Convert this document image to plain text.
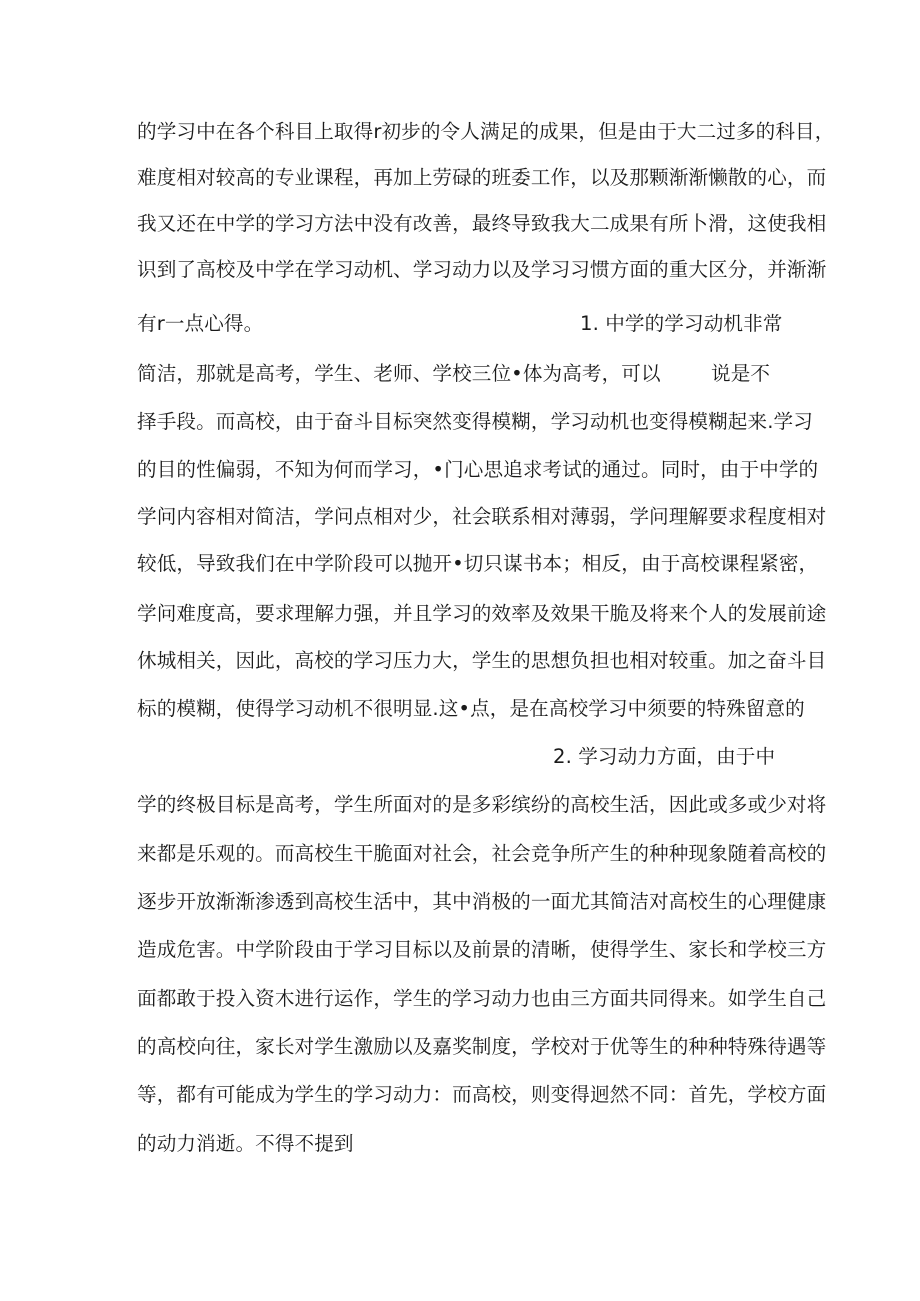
的学习中在各个科目上取得r初步的令人满足的成果，但是由于大二过多的科目，
难度相对较高的专业课程，再加上劳碌的班委工作，以及那颗渐渐懒散的心，而
我又还在中学的学习方法中没有改善，最终导致我大二成果有所卜滑，这使我相
识到了高校及中学在学习动机、学习动力以及学习习惯方面的重大区分，并渐渐
有r一点心得。	1. 中学的学习动机非常
简洁，那就是高考，学生、老师、学校三位•体为高考，可以	说是不
择手段。而高校，由于奋斗目标突然变得模糊，学习动机也变得模糊起来.学习
的目的性偏弱，不知为何而学习，•门心思追求考试的通过。同时，由于中学的
学问内容相对简洁，学问点相对少，社会联系相对薄弱，学问理解要求程度相对
较低，导致我们在中学阶段可以抛开•切只谋书本；相反，由于高校课程紧密，
学问难度高，要求理解力强，并且学习的效率及效果干脆及将来个人的发展前途
休城相关，因此，高校的学习压力大，学生的思想负担也相对较重。加之奋斗目
标的模糊，使得学习动机不很明显.这•点，是在高校学习中须要的特殊留意的
2. 学习动力方面，由于中
学的终极目标是高考，学生所面对的是多彩缤纷的高校生活，因此或多或少对将
来都是乐观的。而高校生干脆面对社会，社会竞争所产生的种种现象随着高校的
逐步开放渐渐渗透到高校生活中，其中消极的一面尤其简洁对高校生的心理健康
造成危害。中学阶段由于学习目标以及前景的清晰，使得学生、家长和学校三方
面都敢于投入资木进行运作，学生的学习动力也由三方面共同得来。如学生自己
的高校向往，家长对学生激励以及嘉奖制度，学校对于优等生的种种特殊待遇等
等，都有可能成为学生的学习动力：而高校，则变得迥然不同：首先，学校方面
的动力消逝。不得不提到
